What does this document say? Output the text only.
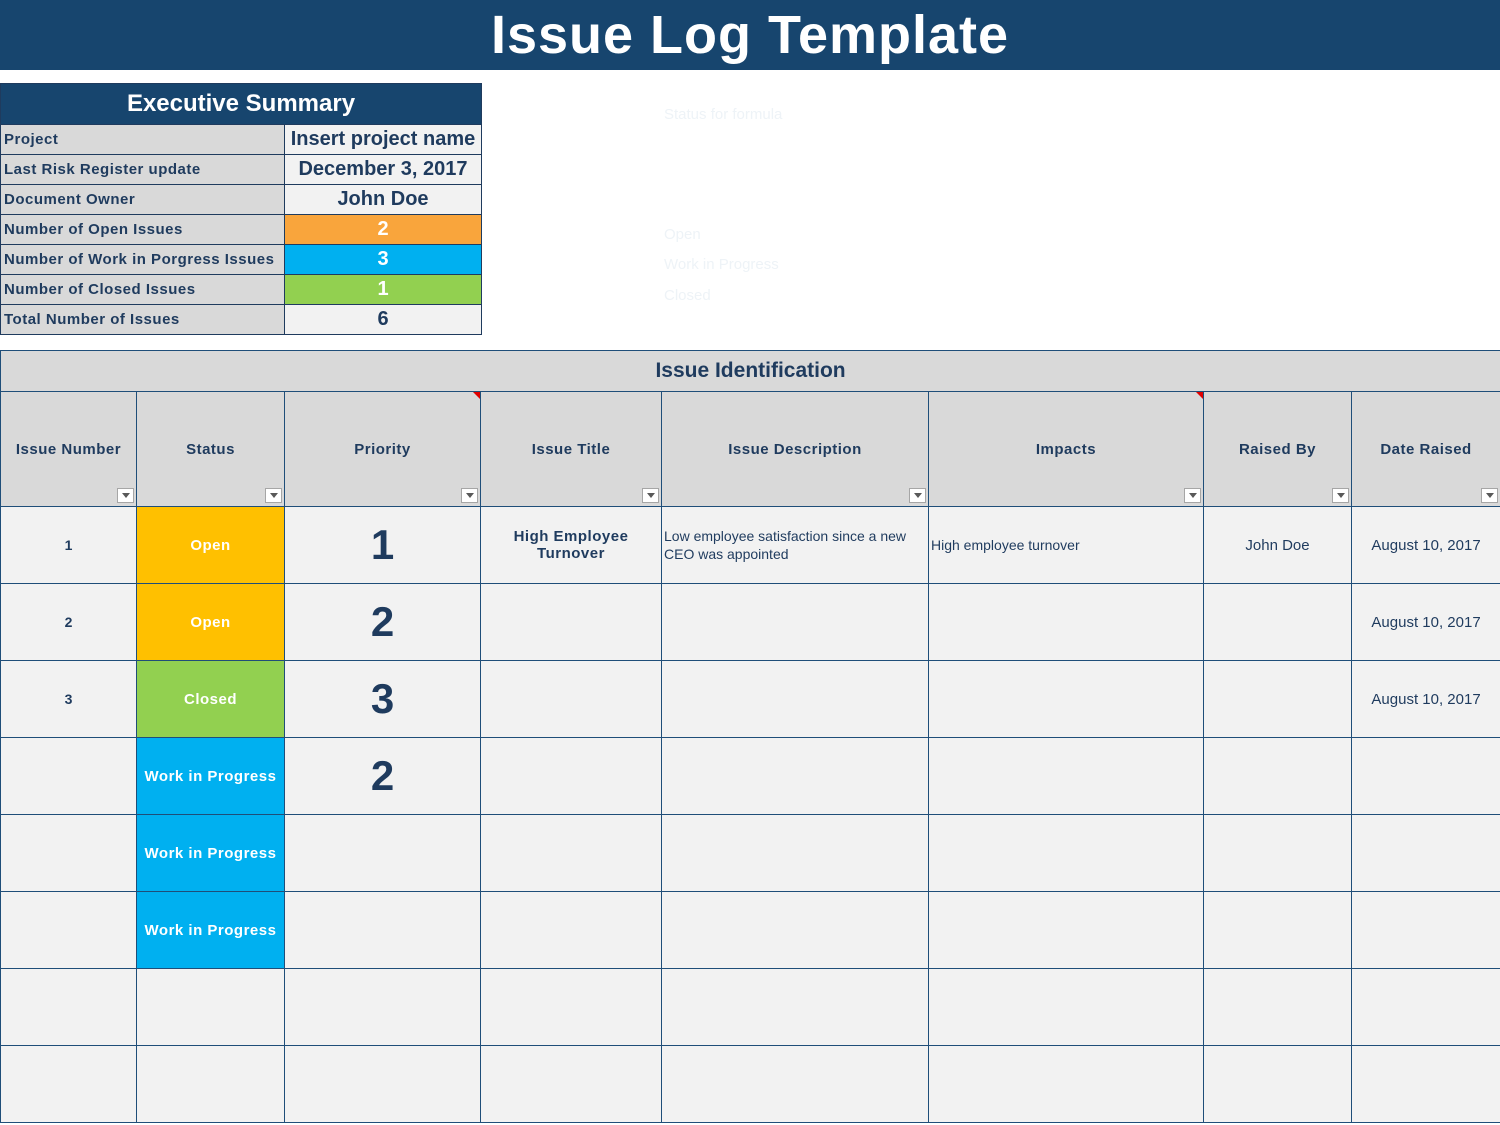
Issue Log Template
Executive Summary	
Project	Insert project name
Last Risk Register update	December 3, 2017
Document Owner	John Doe
Number of Open Issues	2
Number of Work in Porgress Issues	3
Number of Closed Issues	1
Total Number of Issues	6
Status for formula
Open
Work in Progress
Closed
Issue Identification							
Issue Number	Status	Priority	Issue Title	Issue Description	Impacts	Raised By	Date Raised

1	Open	1	High Employee Turnover	Low employee satisfaction since a new CEO was appointed	High employee turnover	John Doe	August 10, 2017
2	Open	2					August 10, 2017
3	Closed	3					August 10, 2017
	Work in Progress	2					
	Work in Progress						
	Work in Progress						
